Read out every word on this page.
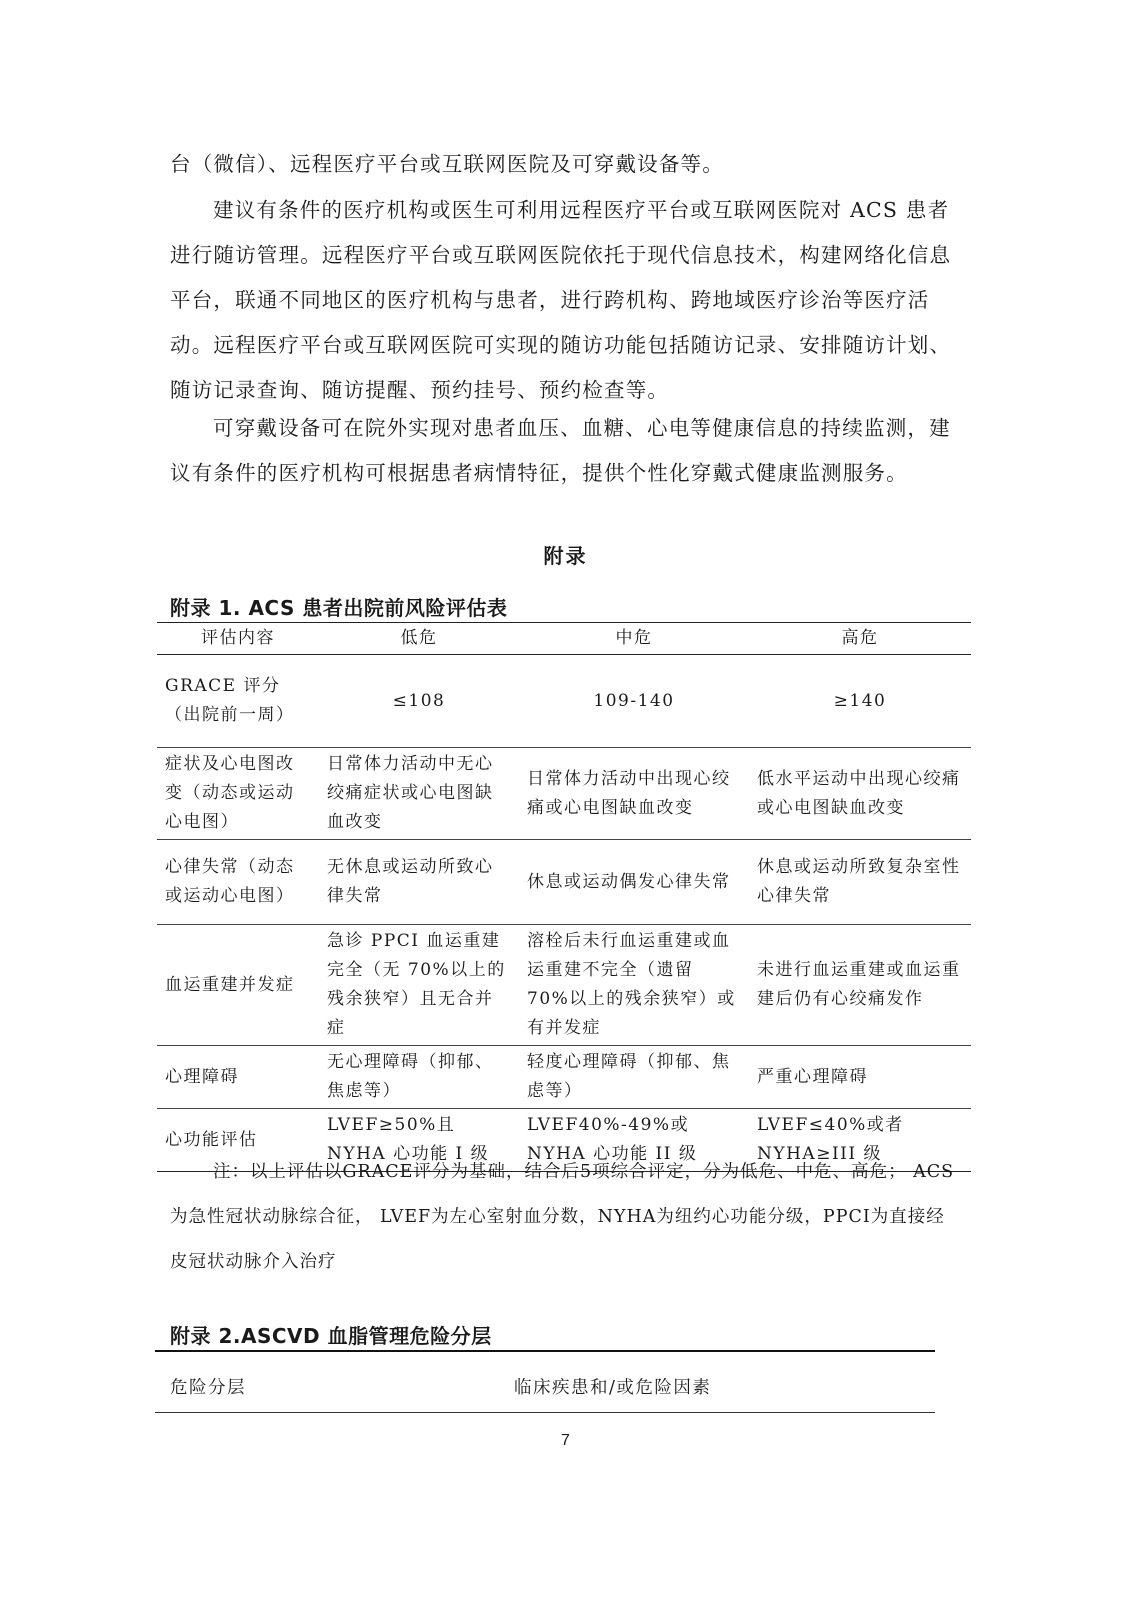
台（微信）、远程医疗平台或互联网医院及可穿戴设备等。

建议有条件的医疗机构或医生可利用远程医疗平台或互联网医院对 ACS 患者进行随访管理。远程医疗平台或互联网医院依托于现代信息技术，构建网络化信息平台，联通不同地区的医疗机构与患者，进行跨机构、跨地域医疗诊治等医疗活动。远程医疗平台或互联网医院可实现的随访功能包括随访记录、安排随访计划、随访记录查询、随访提醒、预约挂号、预约检查等。

可穿戴设备可在院外实现对患者血压、血糖、心电等健康信息的持续监测，建议有条件的医疗机构可根据患者病情特征，提供个性化穿戴式健康监测服务。

附录
附录 1. ACS 患者出院前风险评估表
评估内容	低危	中危	高危
GRACE 评分
（出院前一周）	≤108	109-140	≥140
症状及心电图改变（动态或运动心电图）	日常体力活动中无心绞痛症状或心电图缺血改变	日常体力活动中出现心绞痛或心电图缺血改变	低水平运动中出现心绞痛或心电图缺血改变
心律失常（动态或运动心电图）	无休息或运动所致心律失常	休息或运动偶发心律失常	休息或运动所致复杂室性心律失常
血运重建并发症	急诊 PPCI 血运重建完全（无 70%以上的残余狭窄）且无合并症	溶栓后未行血运重建或血运重建不完全（遗留 70%以上的残余狭窄）或有并发症	未进行血运重建或血运重建后仍有心绞痛发作
心理障碍	无心理障碍（抑郁、焦虑等）	轻度心理障碍（抑郁、焦虑等）	严重心理障碍
心功能评估	LVEF≥50%且 NYHA 心功能 I 级	LVEF40%-49%或 NYHA 心功能 II 级	LVEF≤40%或者 NYHA≥III 级

注：以上评估以GRACE评分为基础，结合后5项综合评定，分为低危、中危、高危； ACS为急性冠状动脉综合征， LVEF为左心室射血分数，NYHA为纽约心功能分级，PPCI为直接经皮冠状动脉介入治疗

附录 2.ASCVD 血脂管理危险分层
危险分层	临床疾患和/或危险因素
7
